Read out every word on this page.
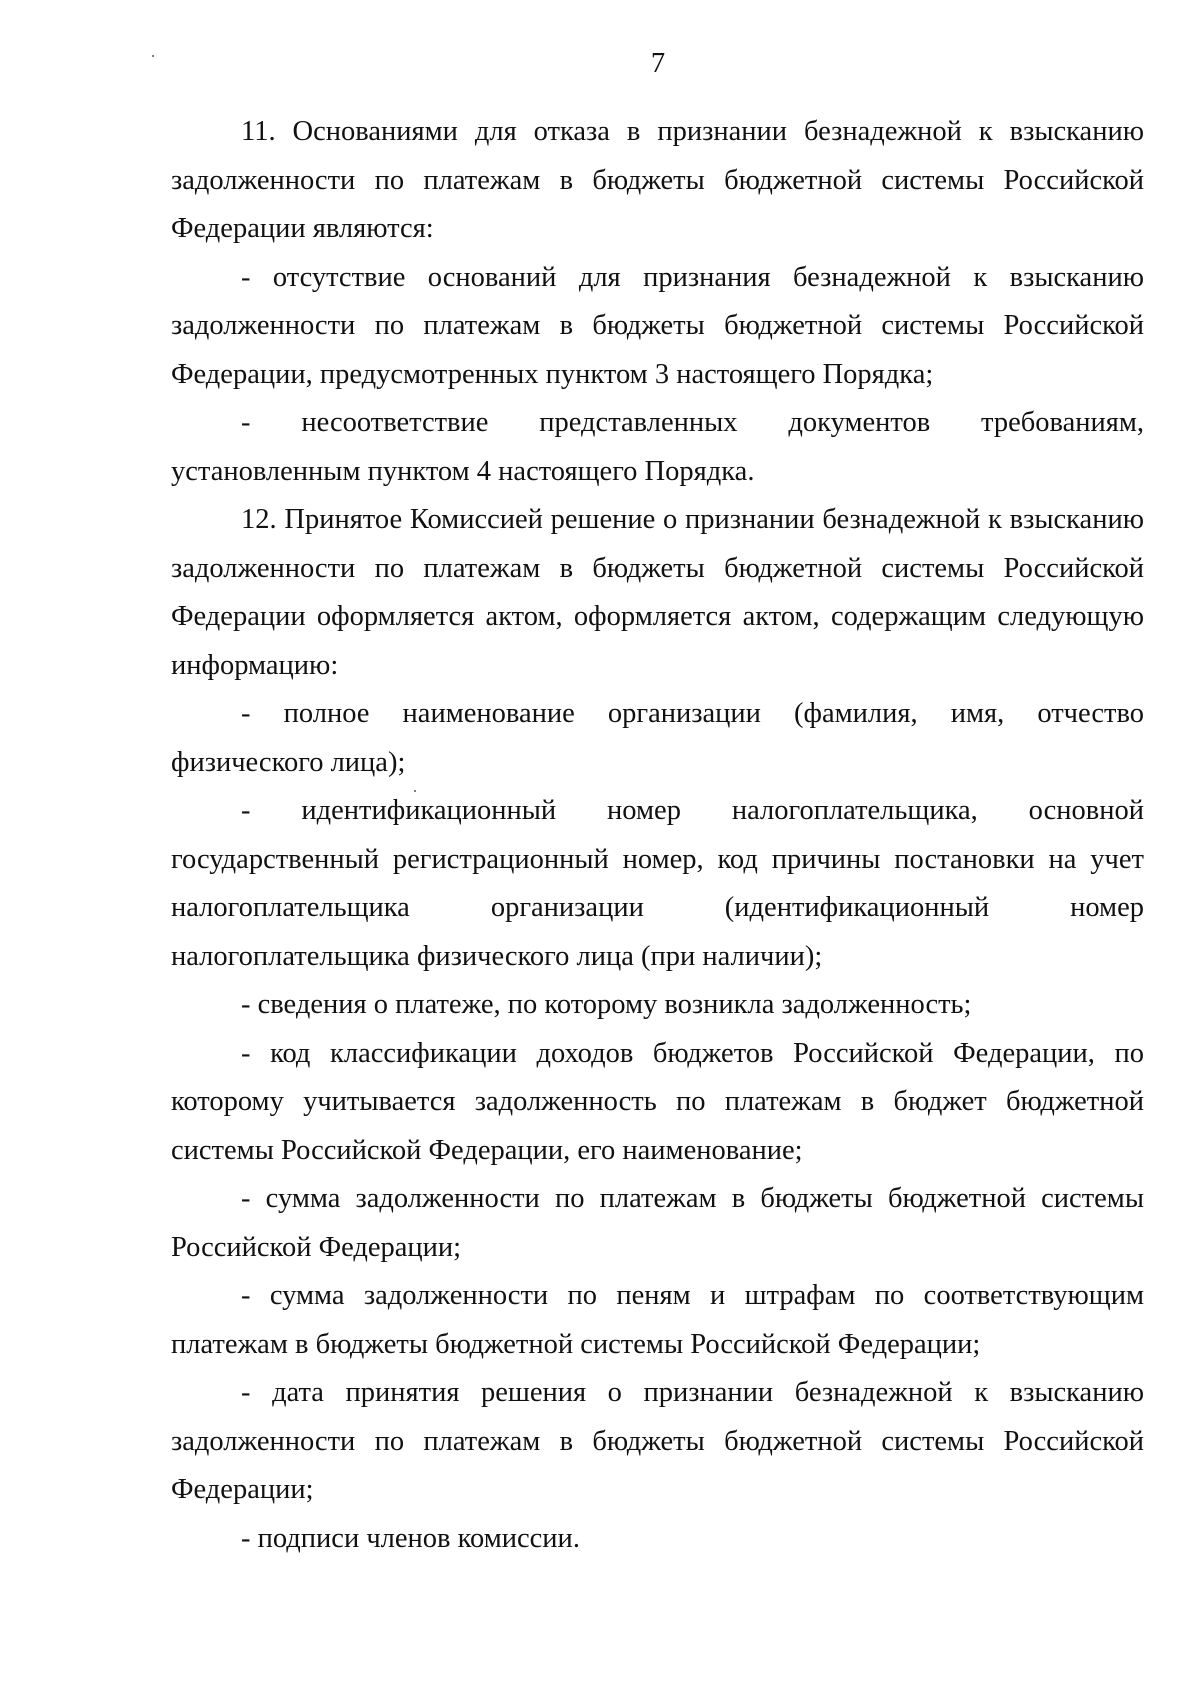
7

11. Основаниями для отказа в признании безнадежной к взысканию задолженности по платежам в бюджеты бюджетной системы Российской Федерации являются:

- отсутствие оснований для признания безнадежной к взысканию задолженности по платежам в бюджеты бюджетной системы Российской Федерации, предусмотренных пунктом 3 настоящего Порядка;

- несоответствие представленных документов требованиям, установленным пунктом 4 настоящего Порядка.

12. Принятое Комиссией решение о признании безнадежной к взысканию задолженности по платежам в бюджеты бюджетной системы Российской Федерации оформляется актом, оформляется актом, содержащим следующую информацию:

- полное наименование организации (фамилия, имя, отчество физического лица);

- идентификационный номер налогоплательщика, основной государственный регистрационный номер, код причины постановки на учет налогоплательщика организации (идентификационный номер налогоплательщика физического лица (при наличии);

- сведения о платеже, по которому возникла задолженность;

- код классификации доходов бюджетов Российской Федерации, по которому учитывается задолженность по платежам в бюджет бюджетной системы Российской Федерации, его наименование;

- сумма задолженности по платежам в бюджеты бюджетной системы Российской Федерации;

- сумма задолженности по пеням и штрафам по соответствующим платежам в бюджеты бюджетной системы Российской Федерации;

- дата принятия решения о признании безнадежной к взысканию задолженности по платежам в бюджеты бюджетной системы Российской Федерации;

- подписи членов комиссии.
